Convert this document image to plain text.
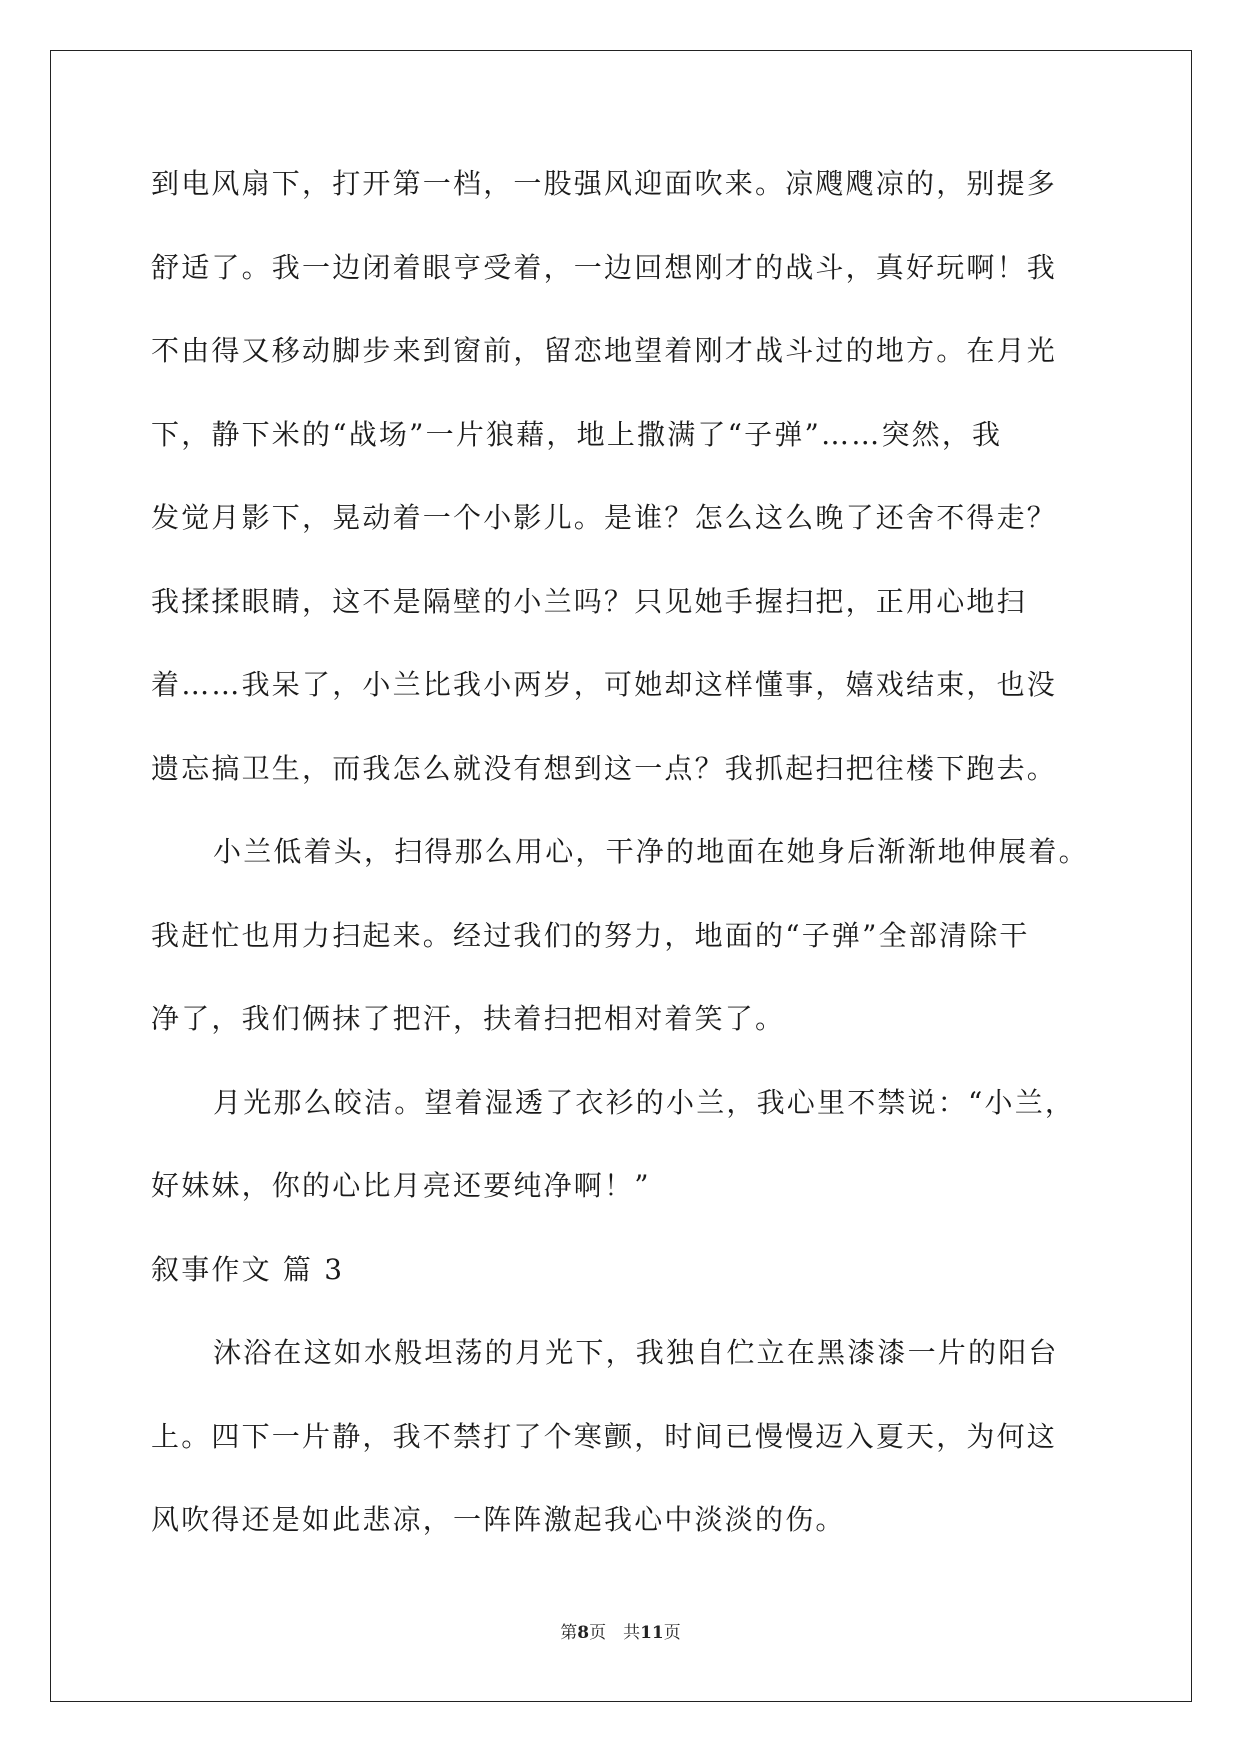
到电风扇下，打开第一档，一股强风迎面吹来。凉飕飕凉的，别提多
舒适了。我一边闭着眼亨受着，一边回想刚才的战斗，真好玩啊！我
不由得又移动脚步来到窗前，留恋地望着刚才战斗过的地方。在月光
下，静下米的“战场”一片狼藉，地上撒满了“子弹”……突然，我
发觉月影下，晃动着一个小影儿。是谁？怎么这么晚了还舍不得走？
我揉揉眼睛，这不是隔壁的小兰吗？只见她手握扫把，正用心地扫
着……我呆了，小兰比我小两岁，可她却这样懂事，嬉戏结束，也没
遗忘搞卫生，而我怎么就没有想到这一点？我抓起扫把往楼下跑去。
小兰低着头，扫得那么用心，干净的地面在她身后渐渐地伸展着。
我赶忙也用力扫起来。经过我们的努力，地面的“子弹”全部清除干
净了，我们俩抹了把汗，扶着扫把相对着笑了。
月光那么皎洁。望着湿透了衣衫的小兰，我心里不禁说：“小兰，
好妹妹，你的心比月亮还要纯净啊！”
叙事作文 篇 3
沐浴在这如水般坦荡的月光下，我独自伫立在黑漆漆一片的阳台
上。四下一片静，我不禁打了个寒颤，时间已慢慢迈入夏天，为何这
风吹得还是如此悲凉，一阵阵激起我心中淡淡的伤。
第8页　共11页
